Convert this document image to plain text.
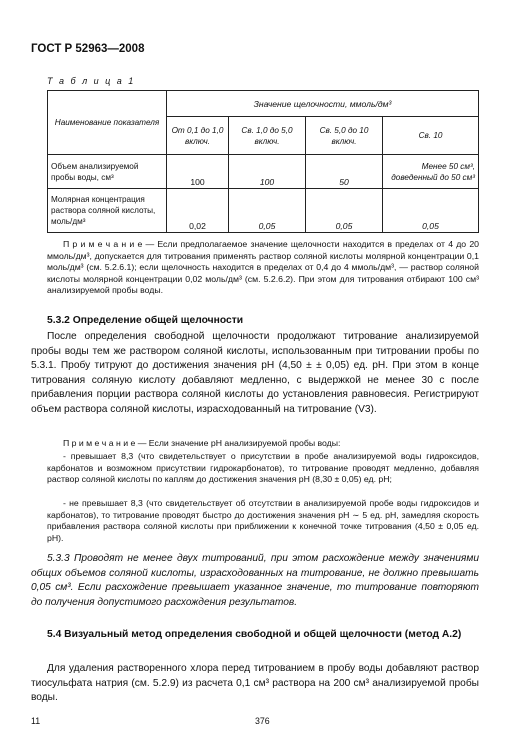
ГОСТ Р 52963—2008
Т а б л и ц а 1
Наименование показателя	Значение щелочности, ммоль/дм³			
	От 0,1 до 1,0 включ.	Св. 1,0 до 5,0 включ.	Св. 5,0 до 10 включ.	Св. 10
Объем анализируемой пробы воды, см³	100	100	50	Менее 50 см³, доведенный до 50 см³
Молярная концентрация раствора соляной кислоты, моль/дм³	0,02	0,05	0,05	0,05
П р и м е ч а н и е — Если предполагаемое значение щелочности находится в пределах от 4 до 20 ммоль/дм³, допускается для титрования применять раствор соляной кислоты молярной концентрации 0,1 моль/дм³ (см. 5.2.6.1); если щелочность находится в пределах от 0,4 до 4 ммоль/дм³, — раствор соляной кислоты молярной концентрации 0,02 моль/дм³ (см. 5.2.6.2). При этом для титрования отбирают 100 см³ анализируемой пробы воды.
5.3.2 Определение общей щелочности
После определения свободной щелочности продолжают титрование анализируемой пробы воды тем же раствором соляной кислоты, использованным при титровании пробы по 5.3.1. Пробу титруют до достижения значения рН (4,50 ± ± 0,05) ед. рН. При этом в конце титрования соляную кислоту добавляют медленно, с выдержкой не менее 30 с после прибавления порции раствора соляной кислоты до установления равновесия. Регистрируют объем раствора соляной кислоты, израсходованный на титрование (V3).
П р и м е ч а н и е — Если значение рН анализируемой пробы воды:
- превышает 8,3 (что свидетельствует о присутствии в пробе анализируемой воды гидроксидов, карбонатов и возможном присутствии гидрокарбонатов), то титрование проводят медленно, добавляя раствор соляной кислоты по каплям до достижения значения рН (8,30 ± 0,05) ед. рН;
- не превышает 8,3 (что свидетельствует об отсутствии в анализируемой пробе воды гидроксидов и карбонатов), то титрование проводят быстро до достижения значения рН ∼ 5 ед. рН, замедляя скорость прибавления раствора соляной кислоты при приближении к конечной точке титрования (4,50 ± 0,05 ед. рН).
5.3.3 Проводят не менее двух титрований, при этом расхождение между значениями общих объемов соляной кислоты, израсходованных на титрование, не должно превышать 0,05 см³. Если расхождение превышает указанное значение, то титрование повторяют до получения допустимого расхождения результатов.
5.4 Визуальный метод определения свободной и общей щелочности (метод А.2)
Для удаления растворенного хлора перед титрованием в пробу воды добавляют раствор тиосульфата натрия (см. 5.2.9) из расчета 0,1 см³ раствора на 200 см³ анализируемой пробы воды.
11	376
